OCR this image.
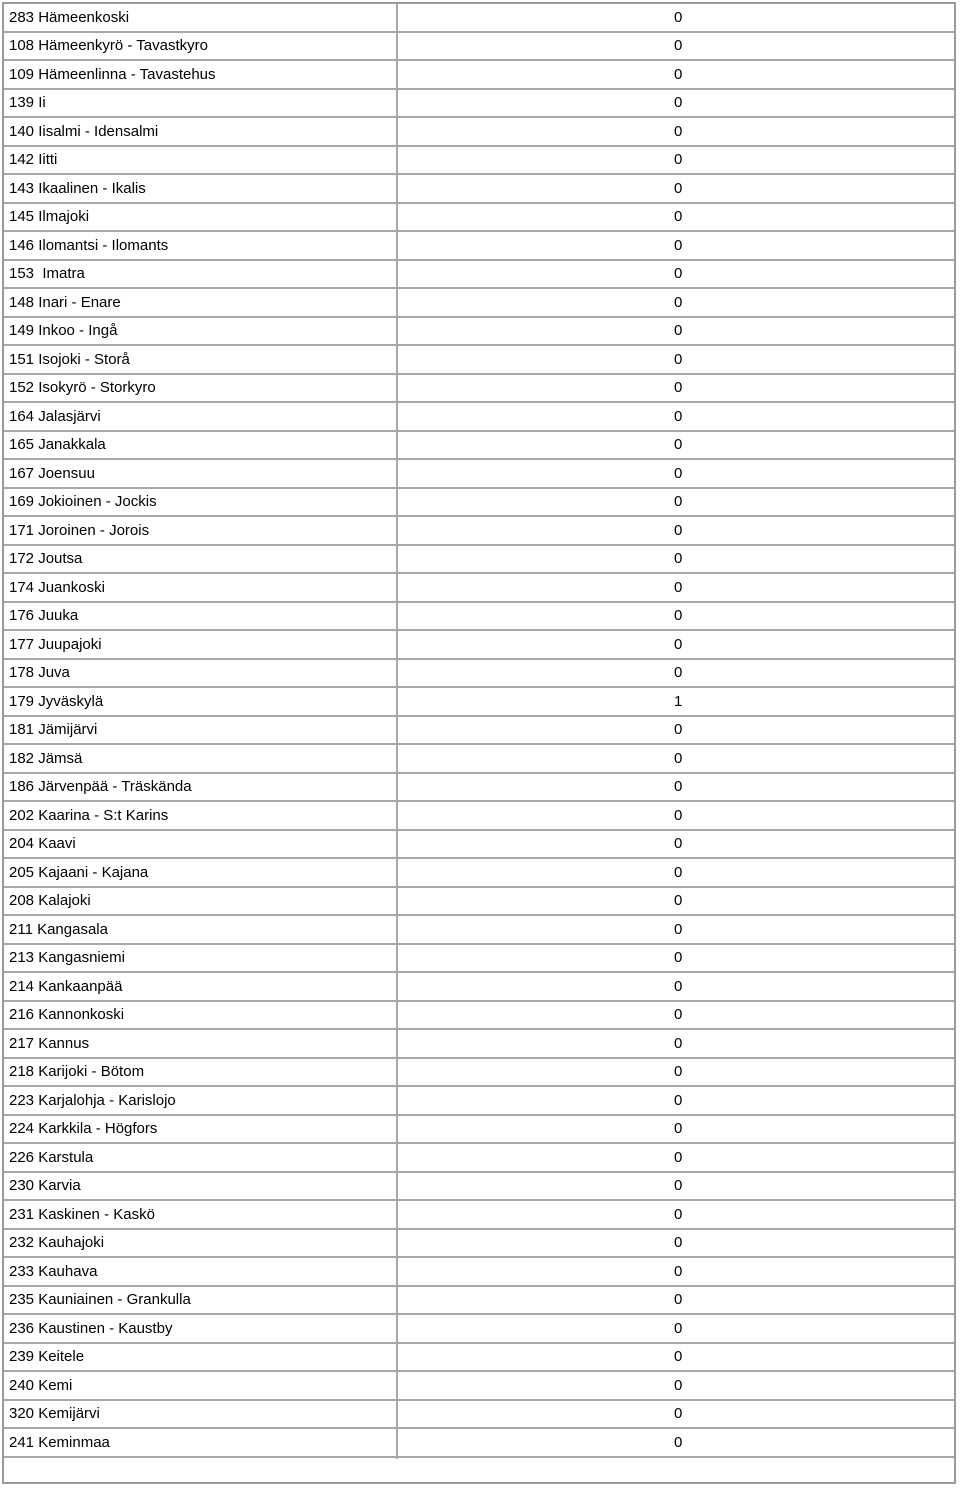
283 Hämeenkoski	0
108 Hämeenkyrö - Tavastkyro	0
109 Hämeenlinna - Tavastehus	0
139 Ii	0
140 Iisalmi - Idensalmi	0
142 Iitti	0
143 Ikaalinen - Ikalis	0
145 Ilmajoki	0
146 Ilomantsi - Ilomants	0
153  Imatra	0
148 Inari - Enare	0
149 Inkoo - Ingå	0
151 Isojoki - Storå	0
152 Isokyrö - Storkyro	0
164 Jalasjärvi	0
165 Janakkala	0
167 Joensuu	0
169 Jokioinen - Jockis	0
171 Joroinen - Jorois	0
172 Joutsa	0
174 Juankoski	0
176 Juuka	0
177 Juupajoki	0
178 Juva	0
179 Jyväskylä	1
181 Jämijärvi	0
182 Jämsä	0
186 Järvenpää - Träskända	0
202 Kaarina - S:t Karins	0
204 Kaavi	0
205 Kajaani - Kajana	0
208 Kalajoki	0
211 Kangasala	0
213 Kangasniemi	0
214 Kankaanpää	0
216 Kannonkoski	0
217 Kannus	0
218 Karijoki - Bötom	0
223 Karjalohja - Karislojo	0
224 Karkkila - Högfors	0
226 Karstula	0
230 Karvia	0
231 Kaskinen - Kaskö	0
232 Kauhajoki	0
233 Kauhava	0
235 Kauniainen - Grankulla	0
236 Kaustinen - Kaustby	0
239 Keitele	0
240 Kemi	0
320 Kemijärvi	0
241 Keminmaa	0
